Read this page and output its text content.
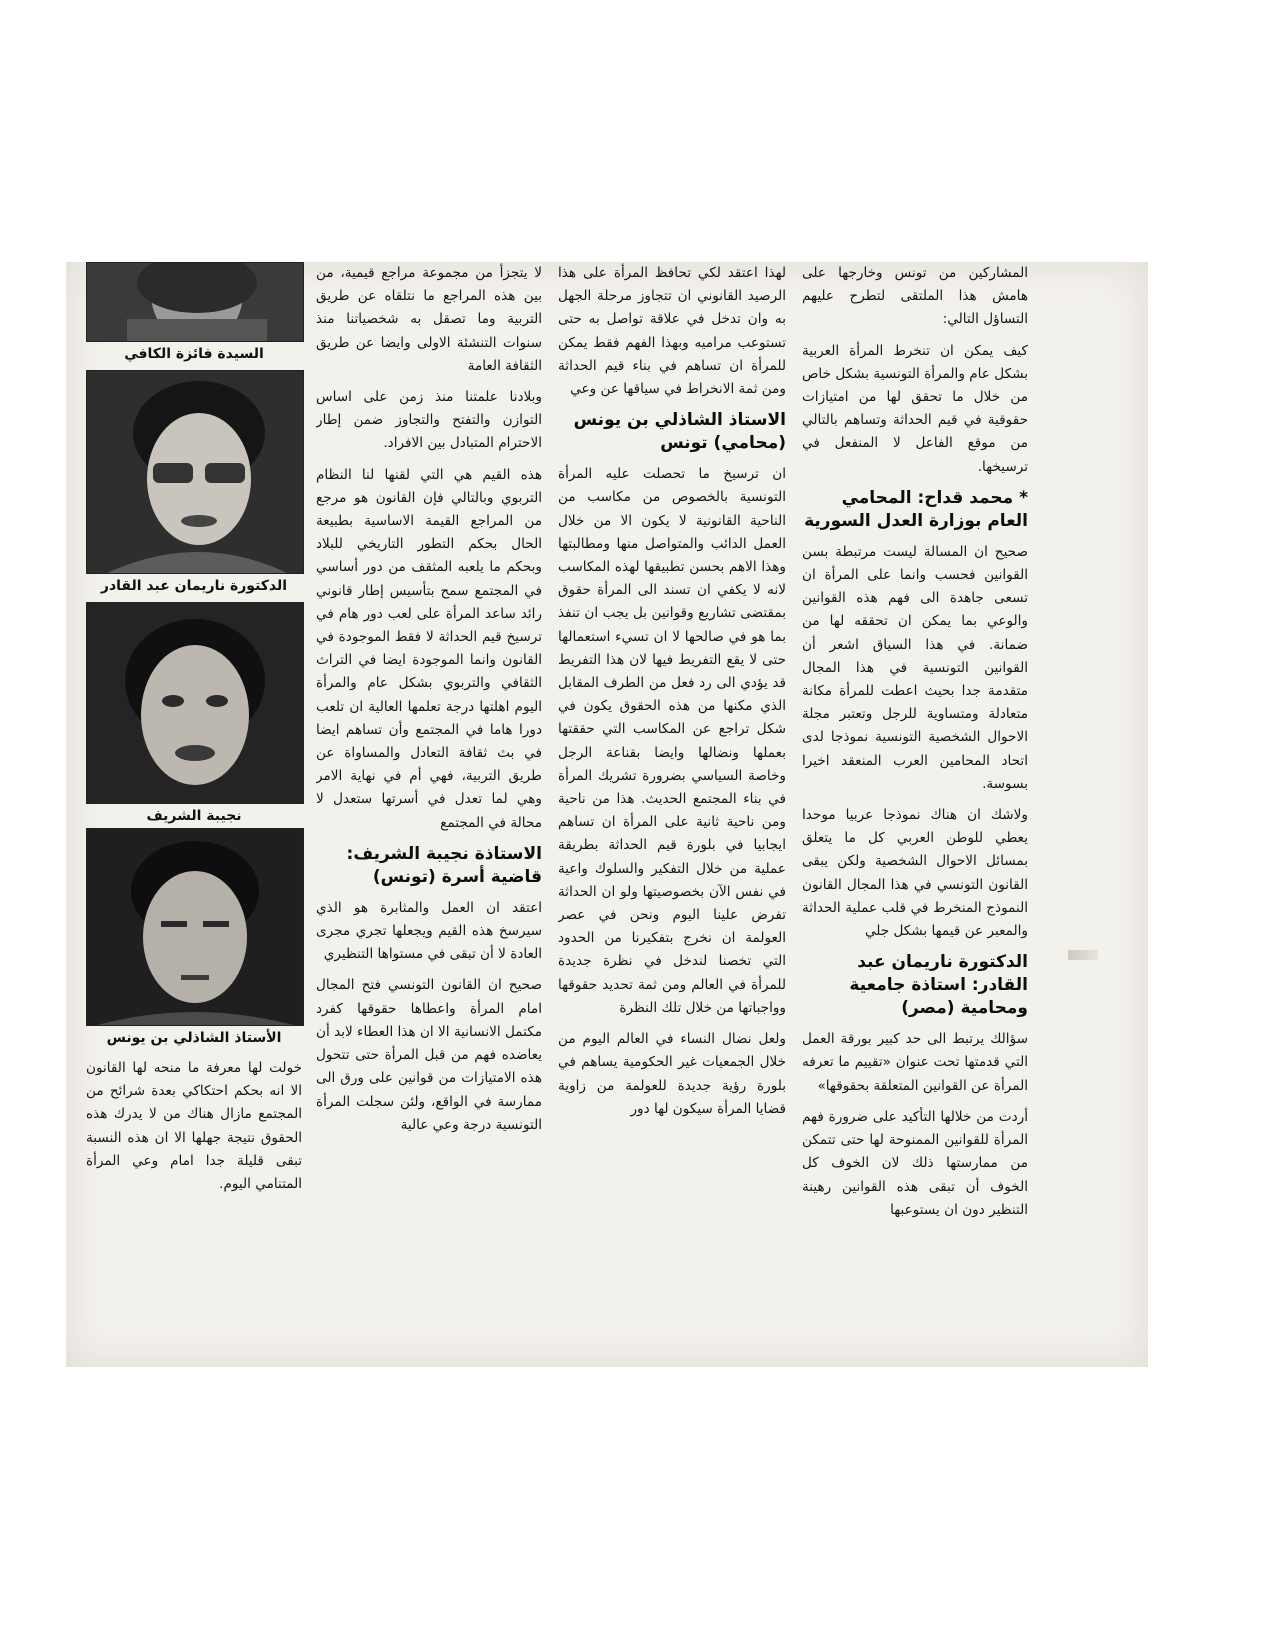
المشاركين من تونس وخارجها على هامش هذا الملتقى لتطرح عليهم التساؤل التالي:

كيف يمكن ان تنخرط المرأة العربية بشكل عام والمرأة التونسية بشكل خاص من خلال ما تحقق لها من امتيازات حقوقية في قيم الحداثة وتساهم بالتالي من موقع الفاعل لا المنفعل في ترسيخها.

* محمد قداح: المحامي العام بوزارة العدل السورية

صحيح ان المسالة ليست مرتبطة بسن القوانين فحسب وانما على المرأة ان تسعى جاهدة الى فهم هذه القوانين والوعي بما يمكن ان تحققه لها من ضمانة. في هذا السياق اشعر أن القوانين التونسية في هذا المجال متقدمة جدا بحيث اعطت للمرأة مكانة متعادلة ومتساوية للرجل وتعتبر مجلة الاحوال الشخصية التونسية نموذجا لدى اتحاد المحامين العرب المنعقد اخيرا بسوسة.

ولاشك ان هناك نموذجا عربيا موحدا يعطي للوطن العربي كل ما يتعلق بمسائل الاحوال الشخصية ولكن يبقى القانون التونسي في هذا المجال القانون النموذج المنخرط في قلب عملية الحداثة والمعبر عن قيمها بشكل جلي

الدكتورة ناريمان عبد القادر: استاذة جامعية ومحامية (مصر)

سؤالك يرتبط الى حد كبير بورقة العمل التي قدمتها تحت عنوان «تقييم ما تعرفه المرأة عن القوانين المتعلقة بحقوقها»

أردت من خلالها التأكيد على ضرورة فهم المرأة للقوانين الممنوحة لها حتى تتمكن من ممارستها ذلك لان الخوف كل الخوف أن تبقى هذه القوانين رهينة التنظير دون ان يستوعبها

لهذا اعتقد لكي تحافظ المرأة على هذا الرصيد القانوني ان تتجاوز مرحلة الجهل به وان تدخل في علاقة تواصل به حتى تستوعب مراميه وبهذا الفهم فقط يمكن للمرأة ان تساهم في بناء قيم الحداثة ومن ثمة الانخراط في سياقها عن وعي

الاستاذ الشاذلي بن يونس (محامي) تونس

ان ترسيخ ما تحصلت عليه المرأة التونسية بالخصوص من مكاسب من الناحية القانونية لا يكون الا من خلال العمل الدائب والمتواصل منها ومطالبتها وهذا الاهم بحسن تطبيقها لهذه المكاسب لانه لا يكفي ان تسند الى المرأة حقوق بمقتضى تشاريع وقوانين بل يجب ان تنفذ بما هو في صالحها لا ان تسيء استعمالها حتى لا يقع التفريط فيها لان هذا التفريط قد يؤدي الى رد فعل من الطرف المقابل الذي مكنها من هذه الحقوق يكون في شكل تراجع عن المكاسب التي حققتها بعملها ونضالها وايضا بقناعة الرجل وخاصة السياسي بضرورة تشريك المرأة في بناء المجتمع الحديث. هذا من ناحية ومن ناحية ثانية على المرأة ان تساهم ايجابيا في بلورة قيم الحداثة بطريقة عملية من خلال التفكير والسلوك واعية في نفس الآن بخصوصيتها ولو ان الحداثة تفرض علينا اليوم ونحن في عصر العولمة ان نخرج بتفكيرنا من الحدود التي تخصنا لندخل في نظرة جديدة للمرأة في العالم ومن ثمة تحديد حقوقها وواجباتها من خلال تلك النظرة

ولعل نضال النساء في العالم اليوم من خلال الجمعيات غير الحكومية يساهم في بلورة رؤية جديدة للعولمة من زاوية قضايا المرأة سيكون لها دور

لا يتجزأ من مجموعة مراجع قيمية، من بين هذه المراجع ما نتلقاه عن طريق التربية وما تصقل به شخصياتنا منذ سنوات التنشئة الاولى وايضا عن طريق الثقافة العامة

وبلادنا علمتنا منذ زمن على اساس التوازن والتفتح والتجاوز ضمن إطار الاحترام المتبادل بين الافراد.

هذه القيم هي التي لقنها لنا النظام التربوي وبالتالي فإن القانون هو مرجع من المراجع القيمة الاساسية بطبيعة الحال بحكم التطور التاريخي للبلاد وبحكم ما يلعبه المثقف من دور أساسي في المجتمع سمح بتأسيس إطار قانوني رائد ساعد المرأة على لعب دور هام في ترسيخ قيم الحداثة لا فقط الموجودة في القانون وانما الموجودة ايضا في التراث الثقافي والتربوي بشكل عام والمرأة اليوم اهلتها درجة تعلمها العالية ان تلعب دورا هاما في المجتمع وأن تساهم ايضا في بث ثقافة التعادل والمساواة عن طريق التربية، فهي أم في نهاية الامر وهي لما تعدل في أسرتها ستعدل لا محالة في المجتمع

الاستاذة نجيبة الشريف: قاضية أسرة (تونس)

اعتقد ان العمل والمثابرة هو الذي سيرسخ هذه القيم ويجعلها تجري مجرى العادة لا أن تبقى في مستواها التنظيري

صحيح ان القانون التونسي فتح المجال امام المرأة واعطاها حقوقها كفرد مكتمل الانسانية الا ان هذا العطاء لابد أن يعاضده فهم من قبل المرأة حتى تتحول هذه الامتيازات من قوانين على ورق الى ممارسة في الواقع، ولئن سجلت المرأة التونسية درجة وعي عالية

السيدة فائزة الكافي
الدكتورة ناريمان عبد القادر
نجيبة الشريف
الأستاذ الشاذلي بن يونس

خولت لها معرفة ما منحه لها القانون الا انه بحكم احتكاكي بعدة شرائح من المجتمع مازال هناك من لا يدرك هذه الحقوق نتيجة جهلها الا ان هذه النسبة تبقى قليلة جدا امام وعي المرأة المتنامي اليوم.
